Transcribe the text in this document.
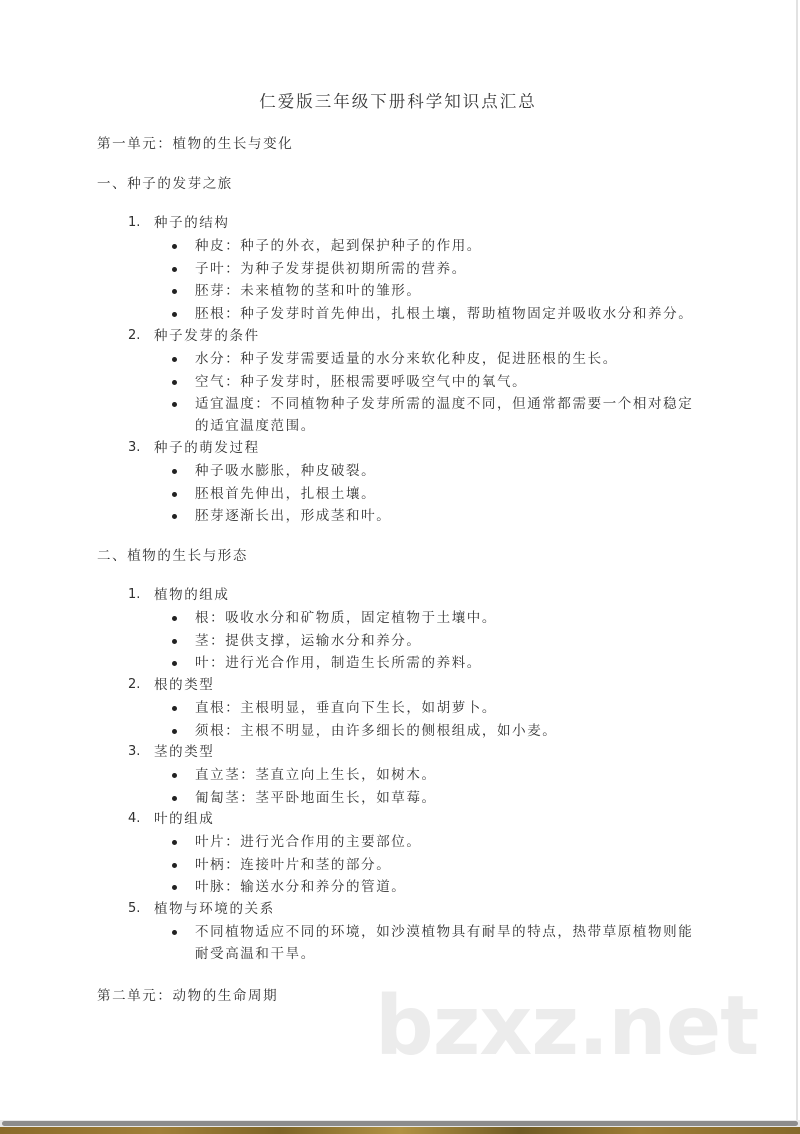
仁爱版三年级下册科学知识点汇总
第一单元：植物的生长与变化
一、种子的发芽之旅
1. 种子的结构
种皮：种子的外衣，起到保护种子的作用。
子叶：为种子发芽提供初期所需的营养。
胚芽：未来植物的茎和叶的雏形。
胚根：种子发芽时首先伸出，扎根土壤，帮助植物固定并吸收水分和养分。
2. 种子发芽的条件
水分：种子发芽需要适量的水分来软化种皮，促进胚根的生长。
空气：种子发芽时，胚根需要呼吸空气中的氧气。
适宜温度：不同植物种子发芽所需的温度不同，但通常都需要一个相对稳定
的适宜温度范围。
3. 种子的萌发过程
种子吸水膨胀，种皮破裂。
胚根首先伸出，扎根土壤。
胚芽逐渐长出，形成茎和叶。
二、植物的生长与形态
1. 植物的组成
根：吸收水分和矿物质，固定植物于土壤中。
茎：提供支撑，运输水分和养分。
叶：进行光合作用，制造生长所需的养料。
2. 根的类型
直根：主根明显，垂直向下生长，如胡萝卜。
须根：主根不明显，由许多细长的侧根组成，如小麦。
3. 茎的类型
直立茎：茎直立向上生长，如树木。
匍匐茎：茎平卧地面生长，如草莓。
4. 叶的组成
叶片：进行光合作用的主要部位。
叶柄：连接叶片和茎的部分。
叶脉：输送水分和养分的管道。
5. 植物与环境的关系
不同植物适应不同的环境，如沙漠植物具有耐旱的特点，热带草原植物则能
耐受高温和干旱。
第二单元：动物的生命周期 bzxz.net
